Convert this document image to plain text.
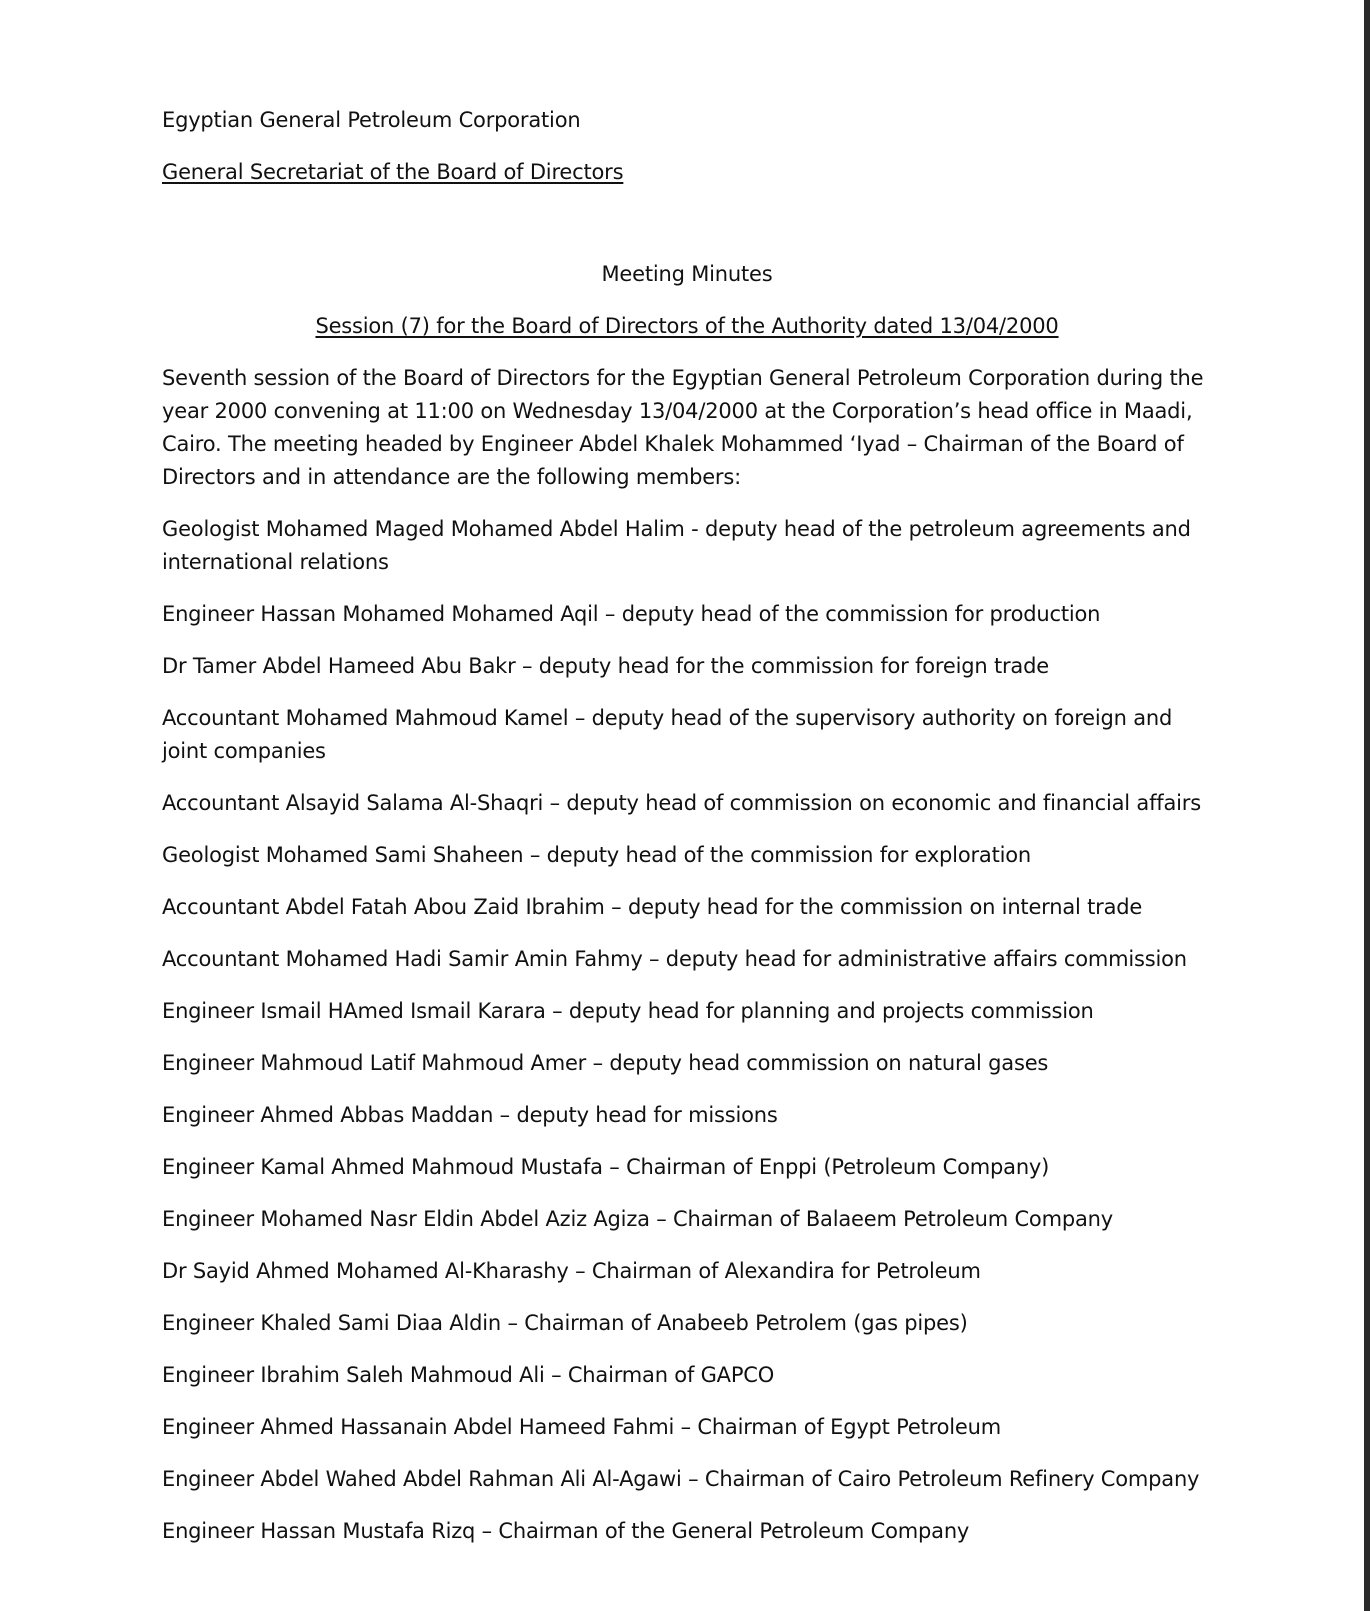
Egyptian General Petroleum Corporation

General Secretariat of the Board of Directors

Meeting Minutes

Session (7) for the Board of Directors of the Authority dated 13/04/2000

Seventh session of the Board of Directors for the Egyptian General Petroleum Corporation during the year 2000 convening at 11:00 on Wednesday 13/04/2000 at the Corporation’s head office in Maadi, Cairo. The meeting headed by Engineer Abdel Khalek Mohammed ‘Iyad – Chairman of the Board of Directors and in attendance are the following members:

Geologist Mohamed Maged Mohamed Abdel Halim - deputy head of the petroleum agreements and international relations

Engineer Hassan Mohamed Mohamed Aqil – deputy head of the commission for production

Dr Tamer Abdel Hameed Abu Bakr – deputy head for the commission for foreign trade

Accountant Mohamed Mahmoud Kamel – deputy head of the supervisory authority on foreign and joint companies

Accountant Alsayid Salama Al-Shaqri – deputy head of commission on economic and financial affairs

Geologist Mohamed Sami Shaheen – deputy head of the commission for exploration

Accountant Abdel Fatah Abou Zaid Ibrahim – deputy head for the commission on internal trade

Accountant Mohamed Hadi Samir Amin Fahmy – deputy head for administrative affairs commission

Engineer Ismail HAmed Ismail Karara – deputy head for planning and projects commission

Engineer Mahmoud Latif Mahmoud Amer – deputy head commission on natural gases

Engineer Ahmed Abbas Maddan – deputy head for missions

Engineer Kamal Ahmed Mahmoud Mustafa – Chairman of Enppi (Petroleum Company)

Engineer Mohamed Nasr Eldin Abdel Aziz Agiza – Chairman of Balaeem Petroleum Company

Dr Sayid Ahmed Mohamed Al-Kharashy – Chairman of Alexandira for Petroleum

Engineer Khaled Sami Diaa Aldin – Chairman of Anabeeb Petrolem (gas pipes)

Engineer Ibrahim Saleh Mahmoud Ali – Chairman of GAPCO

Engineer Ahmed Hassanain Abdel Hameed Fahmi – Chairman of Egypt Petroleum

Engineer Abdel Wahed Abdel Rahman Ali Al-Agawi – Chairman of Cairo Petroleum Refinery Company

Engineer Hassan Mustafa Rizq – Chairman of the General Petroleum Company
